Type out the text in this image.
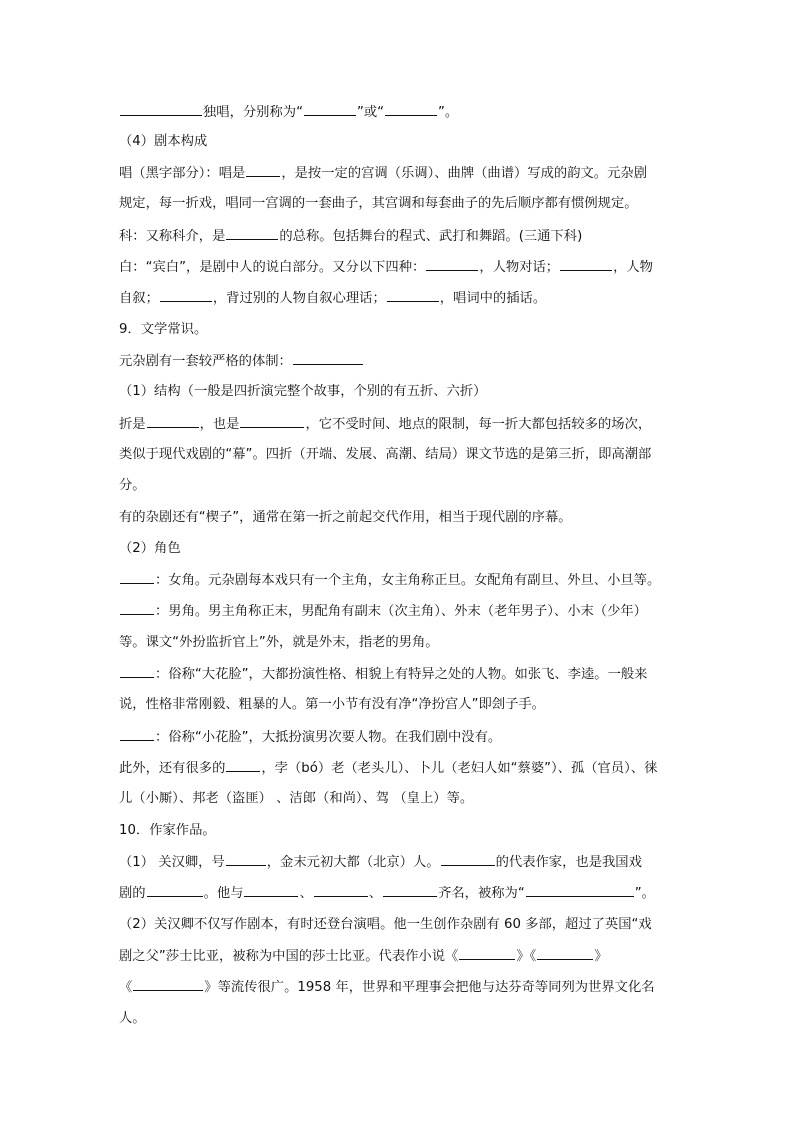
独唱，分别称为“	”或“	”。
（4）剧本构成
唱（黑字部分）：唱是	，是按一定的宫调（乐调）、曲牌（曲谱）写成的韵文。元杂剧
规定，每一折戏，唱同一宫调的一套曲子，其宫调和每套曲子的先后顺序都有惯例规定。
科：又称科介，是	的总称。包括舞台的程式、武打和舞蹈。(三通下科)
白：“宾白”，是剧中人的说白部分。又分以下四种：	，人物对话；	，人物
自叙；	，背过别的人物自叙心理话；	，唱词中的插话。
9．文学常识。
元杂剧有一套较严格的体制：
（1）结构（一般是四折演完整个故事，个别的有五折、六折）
折是	，也是	，它不受时间、地点的限制，每一折大都包括较多的场次，
类似于现代戏剧的“幕”。四折（开端、发展、高潮、结局）课文节选的是第三折，即高潮部
分。
有的杂剧还有“楔子”，通常在第一折之前起交代作用，相当于现代剧的序幕。
（2）角色
：女角。元杂剧每本戏只有一个主角，女主角称正旦。女配角有副旦、外旦、小旦等。
：男角。男主角称正末，男配角有副末（次主角）、外末（老年男子）、小末（少年）
等。课文“外扮监折官上”外，就是外末，指老的男角。
：俗称“大花脸”，大都扮演性格、相貌上有特异之处的人物。如张飞、李逵。一般来
说，性格非常刚毅、粗暴的人。第一小节有没有净“净扮宫人”即刽子手。
：俗称“小花脸”，大抵扮演男次要人物。在我们剧中没有。
此外，还有很多的	，孛（bó）老（老头儿）、卜儿（老妇人如“蔡婆”）、孤（官员）、徕
儿（小厮）、邦老（盗匪） 、洁郎（和尚）、驾 （皇上）等。
10．作家作品。
（1） 关汉卿，号	，金末元初大都（北京）人。	的代表作家，也是我国戏
剧的	。他与	、	、	齐名，被称为“	”。
（2）关汉卿不仅写作剧本，有时还登台演唱。他一生创作杂剧有 60 多部，超过了英国“戏
剧之父”莎士比亚，被称为中国的莎士比亚。代表作小说《	》《	》
《	》等流传很广。1958 年，世界和平理事会把他与达芬奇等同列为世界文化名
人。
